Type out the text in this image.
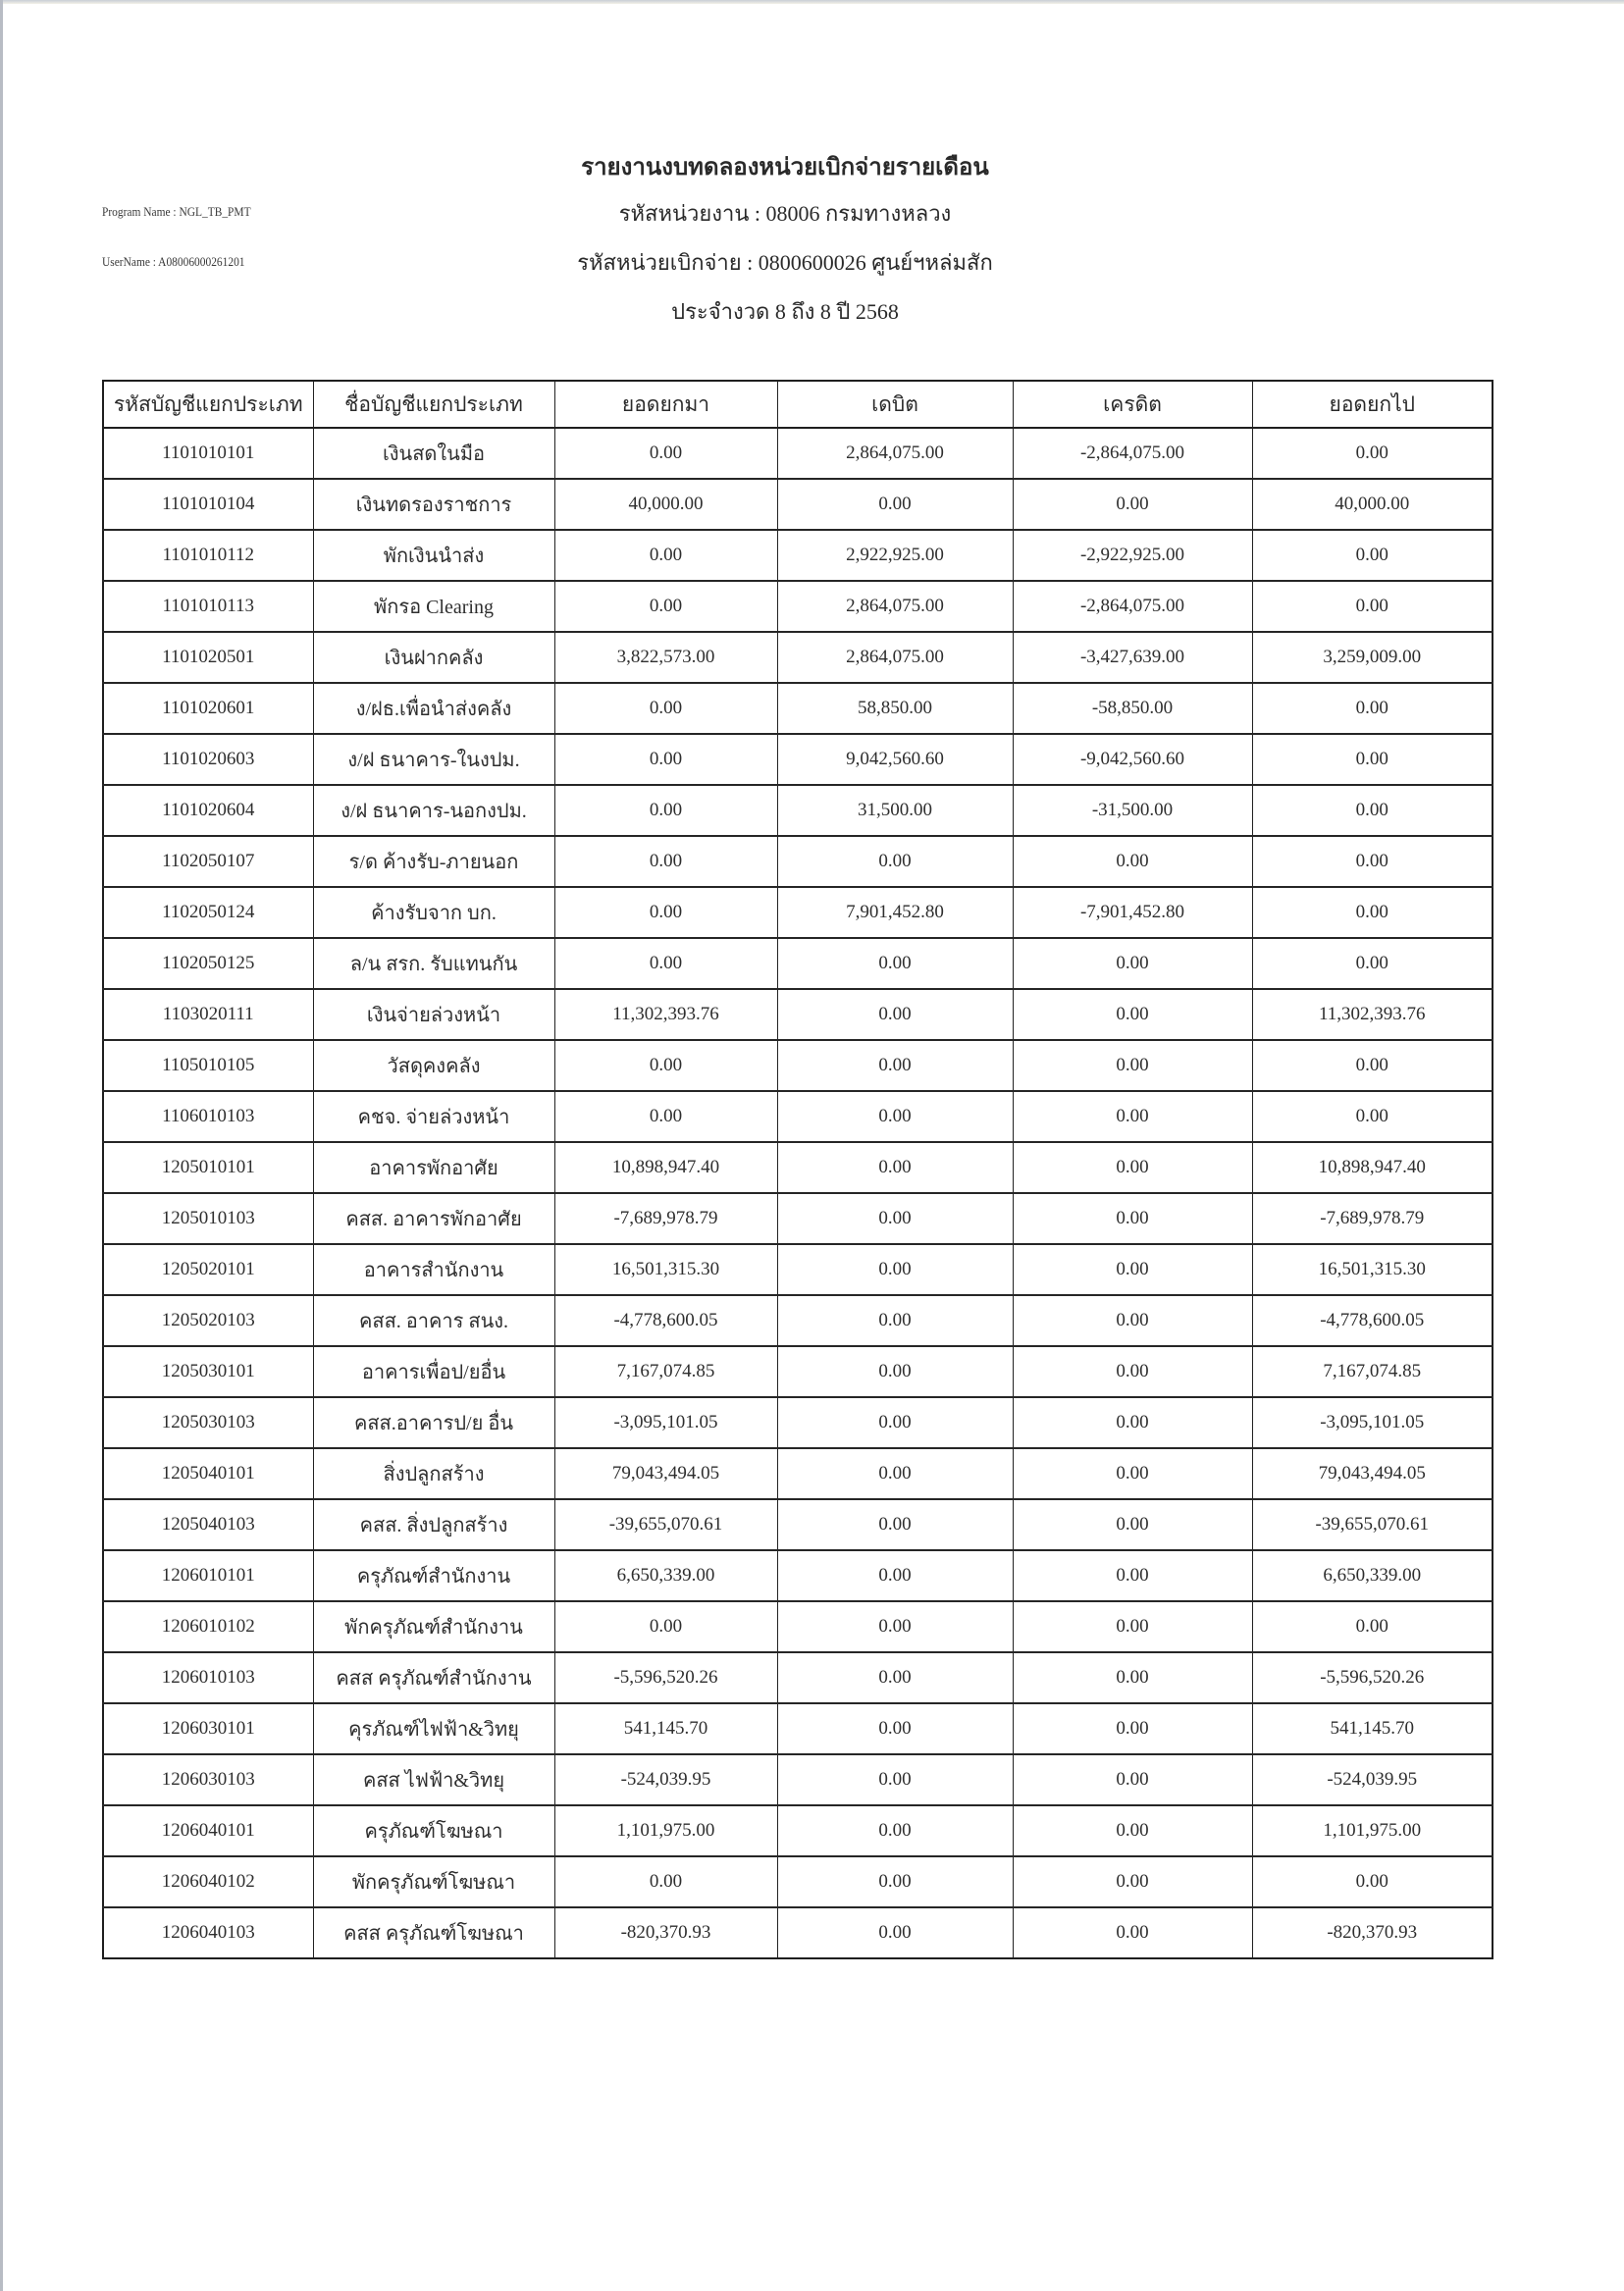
Program Name : NGL_TB_PMT
UserName : A08006000261201
รายงานงบทดลองหน่วยเบิกจ่ายรายเดือน
รหัสหน่วยงาน : 08006 กรมทางหลวง
รหัสหน่วยเบิกจ่าย : 0800600026 ศูนย์ฯหล่มสัก
ประจำงวด 8 ถึง 8 ปี 2568
รหัสบัญชีแยกประเภท	ชื่อบัญชีแยกประเภท	ยอดยกมา	เดบิต	เครดิต	ยอดยกไป
1101010101	เงินสดในมือ	0.00	2,864,075.00	-2,864,075.00	0.00
1101010104	เงินทดรองราชการ	40,000.00	0.00	0.00	40,000.00
1101010112	พักเงินนำส่ง	0.00	2,922,925.00	-2,922,925.00	0.00
1101010113	พักรอ Clearing	0.00	2,864,075.00	-2,864,075.00	0.00
1101020501	เงินฝากคลัง	3,822,573.00	2,864,075.00	-3,427,639.00	3,259,009.00
1101020601	ง/ฝธ.เพื่อนำส่งคลัง	0.00	58,850.00	-58,850.00	0.00
1101020603	ง/ฝ ธนาคาร-ในงปม.	0.00	9,042,560.60	-9,042,560.60	0.00
1101020604	ง/ฝ ธนาคาร-นอกงปม.	0.00	31,500.00	-31,500.00	0.00
1102050107	ร/ด ค้างรับ-ภายนอก	0.00	0.00	0.00	0.00
1102050124	ค้างรับจาก บก.	0.00	7,901,452.80	-7,901,452.80	0.00
1102050125	ล/น สรก. รับแทนกัน	0.00	0.00	0.00	0.00
1103020111	เงินจ่ายล่วงหน้า	11,302,393.76	0.00	0.00	11,302,393.76
1105010105	วัสดุคงคลัง	0.00	0.00	0.00	0.00
1106010103	คชจ. จ่ายล่วงหน้า	0.00	0.00	0.00	0.00
1205010101	อาคารพักอาศัย	10,898,947.40	0.00	0.00	10,898,947.40
1205010103	คสส. อาคารพักอาศัย	-7,689,978.79	0.00	0.00	-7,689,978.79
1205020101	อาคารสำนักงาน	16,501,315.30	0.00	0.00	16,501,315.30
1205020103	คสส. อาคาร สนง.	-4,778,600.05	0.00	0.00	-4,778,600.05
1205030101	อาคารเพื่อป/ยอื่น	7,167,074.85	0.00	0.00	7,167,074.85
1205030103	คสส.อาคารป/ย อื่น	-3,095,101.05	0.00	0.00	-3,095,101.05
1205040101	สิ่งปลูกสร้าง	79,043,494.05	0.00	0.00	79,043,494.05
1205040103	คสส. สิ่งปลูกสร้าง	-39,655,070.61	0.00	0.00	-39,655,070.61
1206010101	ครุภัณฑ์สำนักงาน	6,650,339.00	0.00	0.00	6,650,339.00
1206010102	พักครุภัณฑ์สำนักงาน	0.00	0.00	0.00	0.00
1206010103	คสส ครุภัณฑ์สำนักงาน	-5,596,520.26	0.00	0.00	-5,596,520.26
1206030101	คุรภัณฑ์ไฟฟ้า&วิทยุ	541,145.70	0.00	0.00	541,145.70
1206030103	คสส ไฟฟ้า&วิทยุ	-524,039.95	0.00	0.00	-524,039.95
1206040101	ครุภัณฑ์โฆษณา	1,101,975.00	0.00	0.00	1,101,975.00
1206040102	พักครุภัณฑ์โฆษณา	0.00	0.00	0.00	0.00
1206040103	คสส ครุภัณฑ์โฆษณา	-820,370.93	0.00	0.00	-820,370.93
